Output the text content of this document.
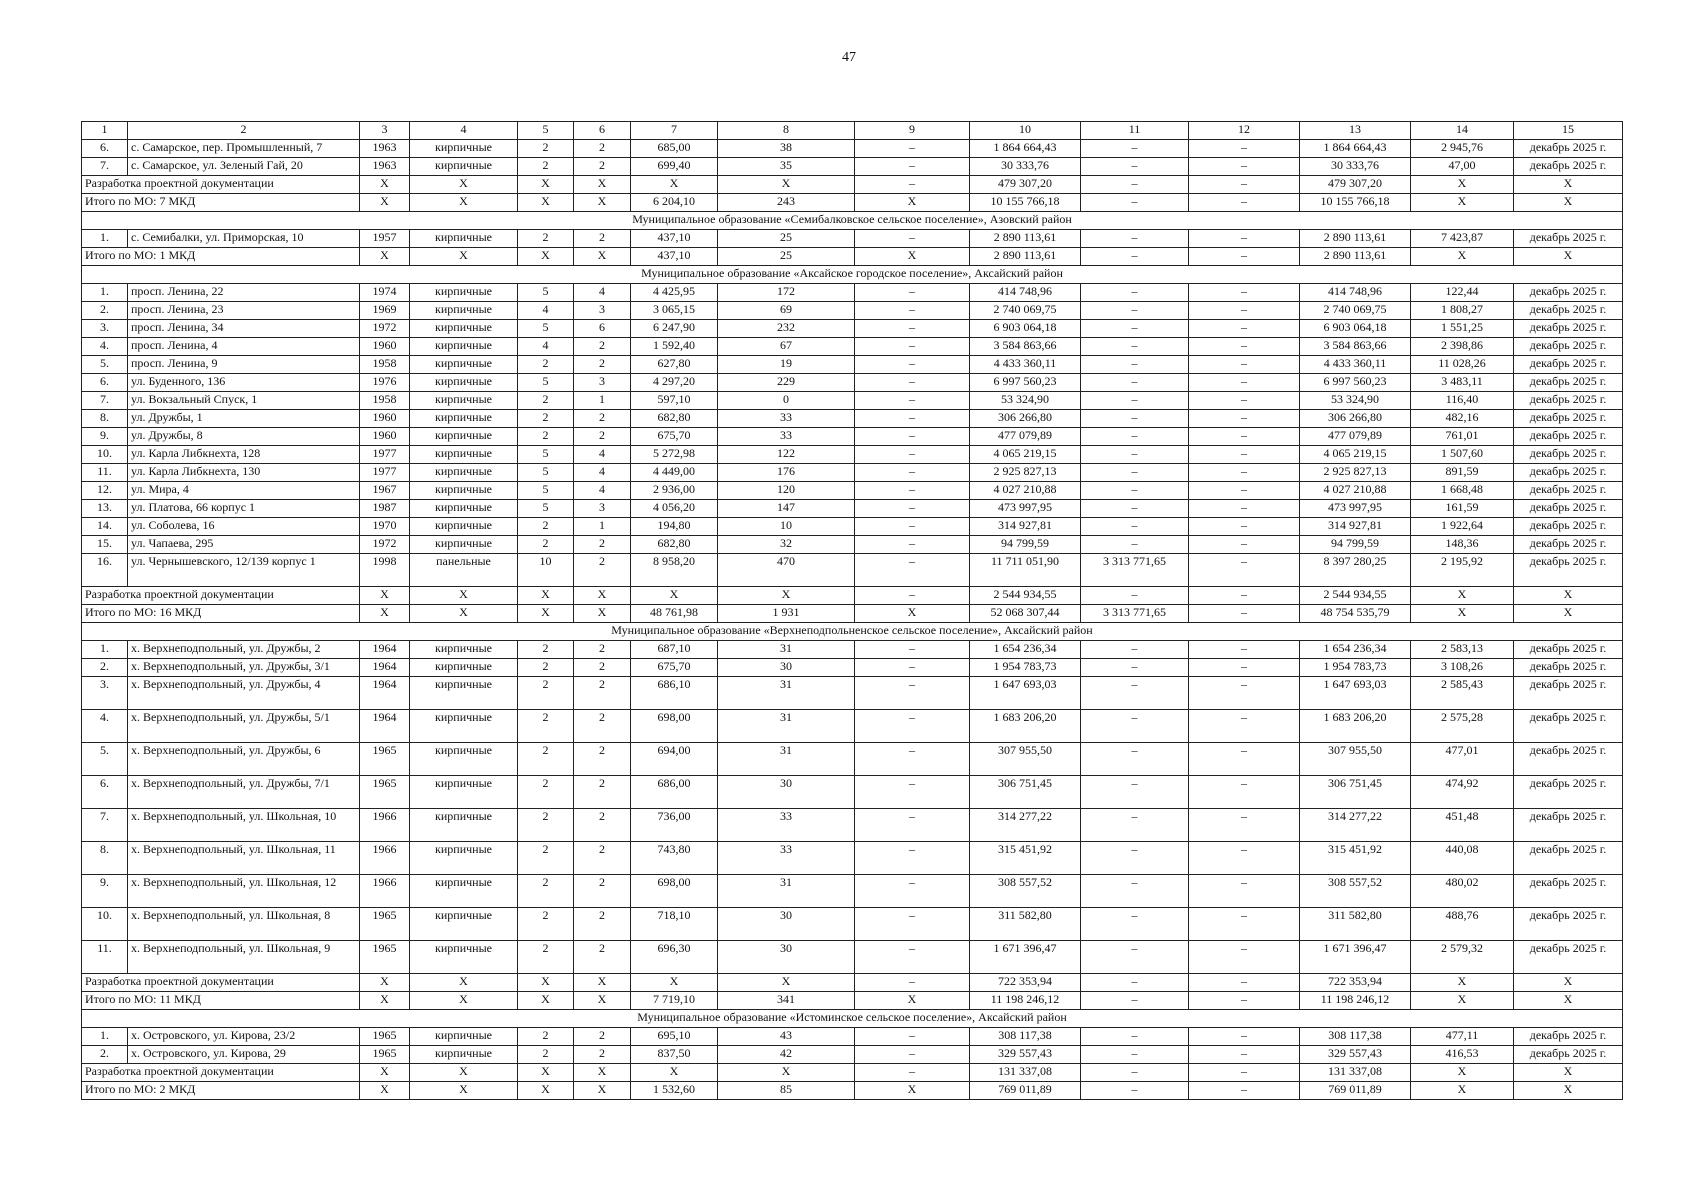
47
1	2	3	4	5	6	7	8	9	10	11	12	13	14	15
6.	с. Самарское, пер. Промышленный, 7	1963	кирпичные	2	2	685,00	38	–	1 864 664,43	–	–	1 864 664,43	2 945,76	декабрь 2025 г.
7.	с. Самарское, ул. Зеленый Гай, 20	1963	кирпичные	2	2	699,40	35	–	30 333,76	–	–	30 333,76	47,00	декабрь 2025 г.
Разработка проектной документации		X	X	X	X	X	X	–	479 307,20	–	–	479 307,20	X	X
Итого по МО: 7 МКД		X	X	X	X	6 204,10	243	X	10 155 766,18	–	–	10 155 766,18	X	X
Муниципальное образование «Семибалковское сельское поселение», Азовский район														
1.	с. Семибалки, ул. Приморская, 10	1957	кирпичные	2	2	437,10	25	–	2 890 113,61	–	–	2 890 113,61	7 423,87	декабрь 2025 г.
Итого по МО: 1 МКД		X	X	X	X	437,10	25	X	2 890 113,61	–	–	2 890 113,61	X	X
Муниципальное образование «Аксайское городское поселение», Аксайский район														
1.	просп. Ленина, 22	1974	кирпичные	5	4	4 425,95	172	–	414 748,96	–	–	414 748,96	122,44	декабрь 2025 г.
2.	просп. Ленина, 23	1969	кирпичные	4	3	3 065,15	69	–	2 740 069,75	–	–	2 740 069,75	1 808,27	декабрь 2025 г.
3.	просп. Ленина, 34	1972	кирпичные	5	6	6 247,90	232	–	6 903 064,18	–	–	6 903 064,18	1 551,25	декабрь 2025 г.
4.	просп. Ленина, 4	1960	кирпичные	4	2	1 592,40	67	–	3 584 863,66	–	–	3 584 863,66	2 398,86	декабрь 2025 г.
5.	просп. Ленина, 9	1958	кирпичные	2	2	627,80	19	–	4 433 360,11	–	–	4 433 360,11	11 028,26	декабрь 2025 г.
6.	ул. Буденного, 136	1976	кирпичные	5	3	4 297,20	229	–	6 997 560,23	–	–	6 997 560,23	3 483,11	декабрь 2025 г.
7.	ул. Вокзальный Спуск, 1	1958	кирпичные	2	1	597,10	0	–	53 324,90	–	–	53 324,90	116,40	декабрь 2025 г.
8.	ул. Дружбы, 1	1960	кирпичные	2	2	682,80	33	–	306 266,80	–	–	306 266,80	482,16	декабрь 2025 г.
9.	ул. Дружбы, 8	1960	кирпичные	2	2	675,70	33	–	477 079,89	–	–	477 079,89	761,01	декабрь 2025 г.
10.	ул. Карла Либкнехта, 128	1977	кирпичные	5	4	5 272,98	122	–	4 065 219,15	–	–	4 065 219,15	1 507,60	декабрь 2025 г.
11.	ул. Карла Либкнехта, 130	1977	кирпичные	5	4	4 449,00	176	–	2 925 827,13	–	–	2 925 827,13	891,59	декабрь 2025 г.
12.	ул. Мира, 4	1967	кирпичные	5	4	2 936,00	120	–	4 027 210,88	–	–	4 027 210,88	1 668,48	декабрь 2025 г.
13.	ул. Платова, 66 корпус 1	1987	кирпичные	5	3	4 056,20	147	–	473 997,95	–	–	473 997,95	161,59	декабрь 2025 г.
14.	ул. Соболева, 16	1970	кирпичные	2	1	194,80	10	–	314 927,81	–	–	314 927,81	1 922,64	декабрь 2025 г.
15.	ул. Чапаева, 295	1972	кирпичные	2	2	682,80	32	–	94 799,59	–	–	94 799,59	148,36	декабрь 2025 г.
16.	ул. Чернышевского, 12/139 корпус 1	1998	панельные	10	2	8 958,20	470	–	11 711 051,90	3 313 771,65	–	8 397 280,25	2 195,92	декабрь 2025 г.
Разработка проектной документации		X	X	X	X	X	X	–	2 544 934,55	–	–	2 544 934,55	X	X
Итого по МО: 16 МКД		X	X	X	X	48 761,98	1 931	X	52 068 307,44	3 313 771,65	–	48 754 535,79	X	X
Муниципальное образование «Верхнеподпольненское сельское поселение», Аксайский район														
1.	х. Верхнеподпольный, ул. Дружбы, 2	1964	кирпичные	2	2	687,10	31	–	1 654 236,34	–	–	1 654 236,34	2 583,13	декабрь 2025 г.
2.	х. Верхнеподпольный, ул. Дружбы, 3/1	1964	кирпичные	2	2	675,70	30	–	1 954 783,73	–	–	1 954 783,73	3 108,26	декабрь 2025 г.
3.	х. Верхнеподпольный, ул. Дружбы, 4	1964	кирпичные	2	2	686,10	31	–	1 647 693,03	–	–	1 647 693,03	2 585,43	декабрь 2025 г.
4.	х. Верхнеподпольный, ул. Дружбы, 5/1	1964	кирпичные	2	2	698,00	31	–	1 683 206,20	–	–	1 683 206,20	2 575,28	декабрь 2025 г.
5.	х. Верхнеподпольный, ул. Дружбы, 6	1965	кирпичные	2	2	694,00	31	–	307 955,50	–	–	307 955,50	477,01	декабрь 2025 г.
6.	х. Верхнеподпольный, ул. Дружбы, 7/1	1965	кирпичные	2	2	686,00	30	–	306 751,45	–	–	306 751,45	474,92	декабрь 2025 г.
7.	х. Верхнеподпольный, ул. Школьная, 10	1966	кирпичные	2	2	736,00	33	–	314 277,22	–	–	314 277,22	451,48	декабрь 2025 г.
8.	х. Верхнеподпольный, ул. Школьная, 11	1966	кирпичные	2	2	743,80	33	–	315 451,92	–	–	315 451,92	440,08	декабрь 2025 г.
9.	х. Верхнеподпольный, ул. Школьная, 12	1966	кирпичные	2	2	698,00	31	–	308 557,52	–	–	308 557,52	480,02	декабрь 2025 г.
10.	х. Верхнеподпольный, ул. Школьная, 8	1965	кирпичные	2	2	718,10	30	–	311 582,80	–	–	311 582,80	488,76	декабрь 2025 г.
11.	х. Верхнеподпольный, ул. Школьная, 9	1965	кирпичные	2	2	696,30	30	–	1 671 396,47	–	–	1 671 396,47	2 579,32	декабрь 2025 г.
Разработка проектной документации		X	X	X	X	X	X	–	722 353,94	–	–	722 353,94	X	X
Итого по МО: 11 МКД		X	X	X	X	7 719,10	341	X	11 198 246,12	–	–	11 198 246,12	X	X
Муниципальное образование «Истоминское сельское поселение», Аксайский район														
1.	х. Островского, ул. Кирова, 23/2	1965	кирпичные	2	2	695,10	43	–	308 117,38	–	–	308 117,38	477,11	декабрь 2025 г.
2.	х. Островского, ул. Кирова, 29	1965	кирпичные	2	2	837,50	42	–	329 557,43	–	–	329 557,43	416,53	декабрь 2025 г.
Разработка проектной документации		X	X	X	X	X	X	–	131 337,08	–	–	131 337,08	X	X
Итого по МО: 2 МКД		X	X	X	X	1 532,60	85	X	769 011,89	–	–	769 011,89	X	X
